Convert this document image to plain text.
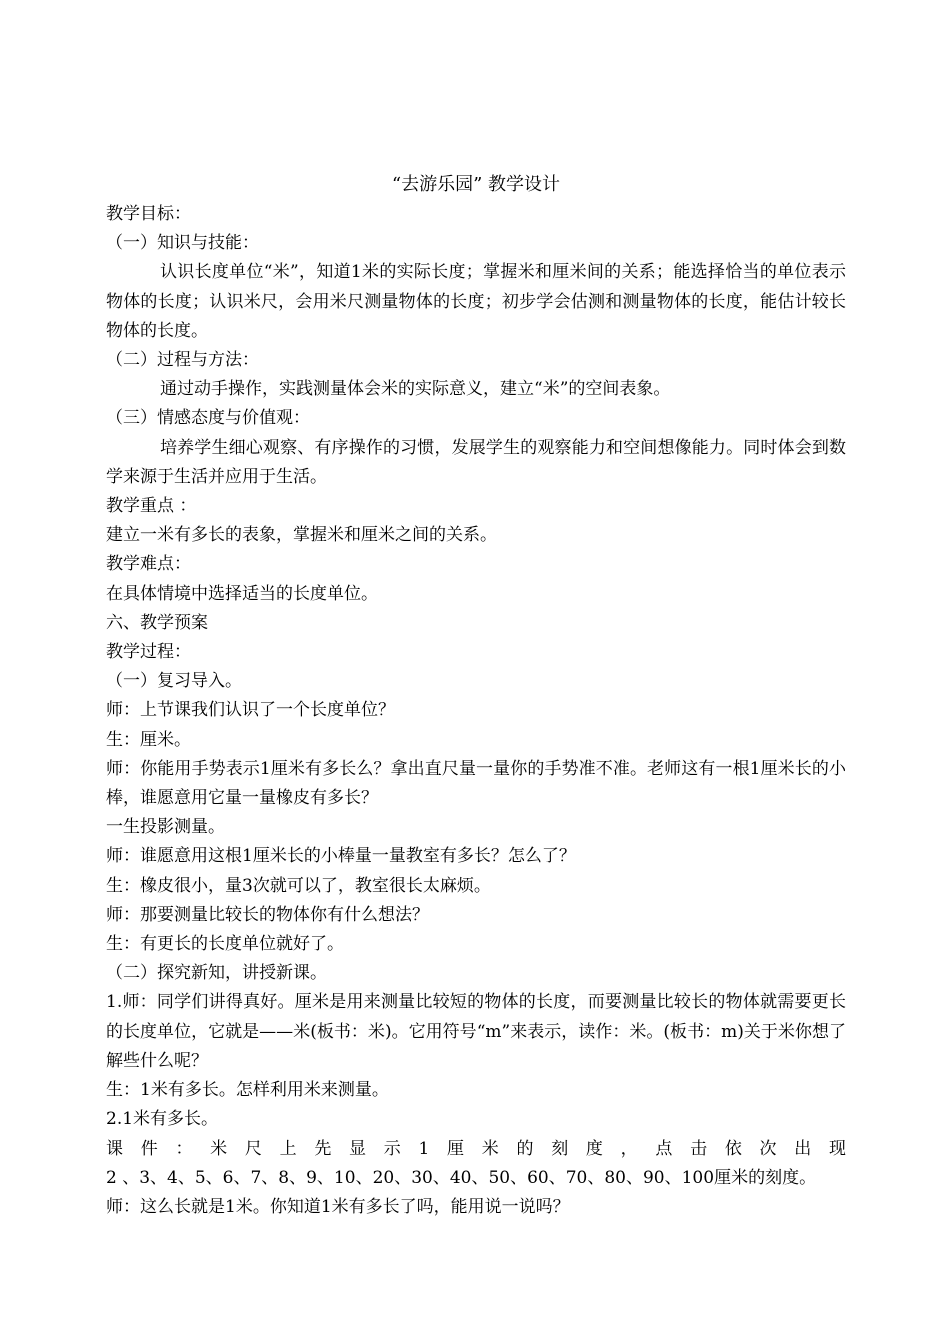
“去游乐园” 教学设计

教学目标：

（一）知识与技能：

认识长度单位“米”，知道1米的实际长度；掌握米和厘米间的关系；能选择恰当的单位表示物体的长度；认识米尺，会用米尺测量物体的长度；初步学会估测和测量物体的长度，能估计较长物体的长度。

（二）过程与方法：

通过动手操作，实践测量体会米的实际意义，建立“米”的空间表象。

（三）情感态度与价值观：

培养学生细心观察、有序操作的习惯，发展学生的观察能力和空间想像能力。同时体会到数学来源于生活并应用于生活。

教学重点 ：

建立一米有多长的表象，掌握米和厘米之间的关系。

教学难点：

在具体情境中选择适当的长度单位。

六、教学预案

教学过程：

（一）复习导入。

师：上节课我们认识了一个长度单位？

生：厘米。

师：你能用手势表示1厘米有多长么？拿出直尺量一量你的手势准不准。老师这有一根1厘米长的小棒，谁愿意用它量一量橡皮有多长？

一生投影测量。

师：谁愿意用这根1厘米长的小棒量一量教室有多长？怎么了？

生：橡皮很小，量3次就可以了，教室很长太麻烦。

师：那要测量比较长的物体你有什么想法？

生：有更长的长度单位就好了。

（二）探究新知，讲授新课。

1.师：同学们讲得真好。厘米是用来测量比较短的物体的长度，而要测量比较长的物体就需要更长的长度单位，它就是——米(板书：米)。它用符号“m”来表示，读作：米。(板书：m)关于米你想了解些什么呢？

生：1米有多长。怎样利用米来测量。

2.1米有多长。

课件：米尺上先显示1厘米的刻度，点击依次出现

2 、3、4、5、6、7、8、9、10、20、30、40、50、60、70、80、90、100厘米的刻度。

师：这么长就是1米。你知道1米有多长了吗，能用说一说吗？
